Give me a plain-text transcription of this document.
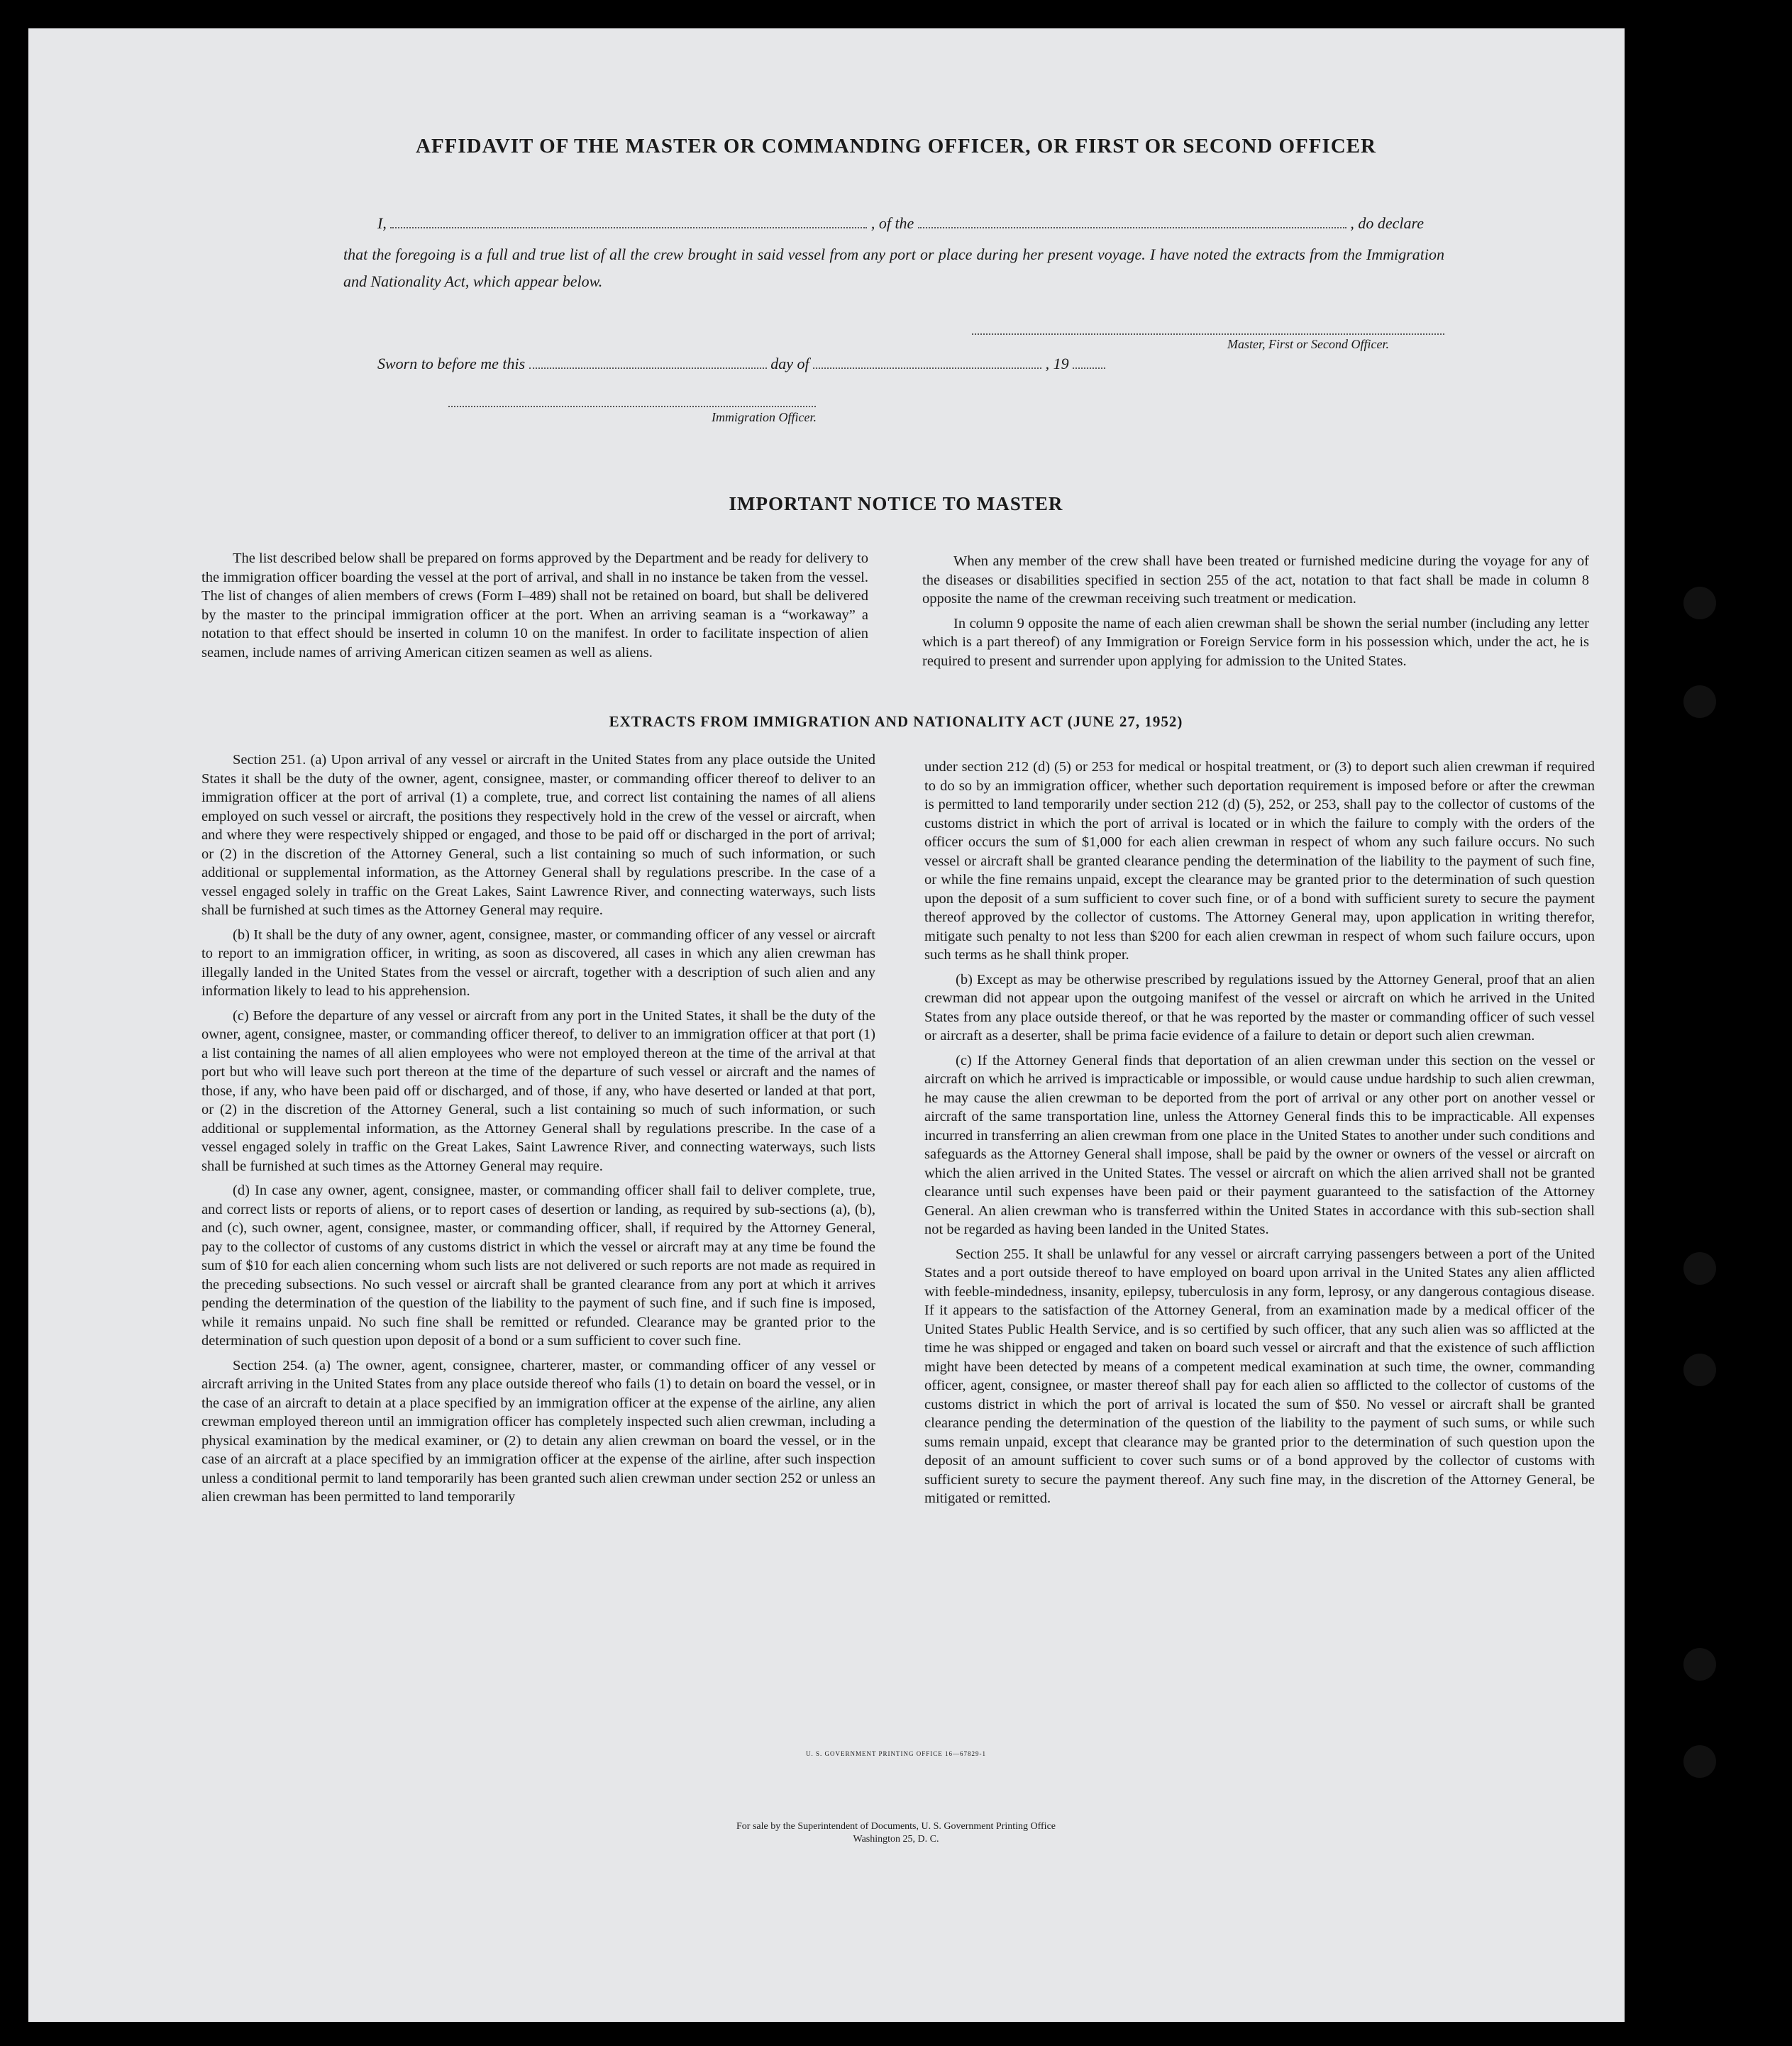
AFFIDAVIT OF THE MASTER OR COMMANDING OFFICER, OR FIRST OR SECOND OFFICER
I,	, of the	, do declare
that the foregoing is a full and true list of all the crew brought in said vessel from any port or place during her present voyage. I have noted the extracts from the Immigration and Nationality Act, which appear below.
Master, First or Second Officer.
Sworn to before me this	day of	, 19
Immigration Officer.
IMPORTANT NOTICE TO MASTER

The list described below shall be prepared on forms approved by the Department and be ready for delivery to the immigration officer boarding the vessel at the port of arrival, and shall in no instance be taken from the vessel. The list of changes of alien members of crews (Form I–489) shall not be retained on board, but shall be delivered by the master to the principal immigration officer at the port. When an arriving seaman is a “workaway” a notation to that effect should be inserted in column 10 on the manifest. In order to facilitate inspection of alien seamen, include names of arriving American citizen seamen as well as aliens.

When any member of the crew shall have been treated or furnished medicine during the voyage for any of the diseases or disabilities specified in section 255 of the act, notation to that fact shall be made in column 8 opposite the name of the crewman receiving such treatment or medication.

In column 9 opposite the name of each alien crewman shall be shown the serial number (including any letter which is a part thereof) of any Immigration or Foreign Service form in his possession which, under the act, he is required to present and surrender upon applying for admission to the United States.

EXTRACTS FROM IMMIGRATION AND NATIONALITY ACT (JUNE 27, 1952)

Section 251. (a) Upon arrival of any vessel or aircraft in the United States from any place outside the United States it shall be the duty of the owner, agent, consignee, master, or commanding officer thereof to deliver to an immigration officer at the port of arrival (1) a complete, true, and correct list containing the names of all aliens employed on such vessel or aircraft, the positions they respectively hold in the crew of the vessel or aircraft, when and where they were respectively shipped or engaged, and those to be paid off or discharged in the port of arrival; or (2) in the discretion of the Attorney General, such a list containing so much of such information, or such additional or supplemental information, as the Attorney General shall by regulations prescribe. In the case of a vessel engaged solely in traffic on the Great Lakes, Saint Lawrence River, and connecting waterways, such lists shall be furnished at such times as the Attorney General may require.

(b) It shall be the duty of any owner, agent, consignee, master, or commanding officer of any vessel or aircraft to report to an immigration officer, in writing, as soon as discovered, all cases in which any alien crewman has illegally landed in the United States from the vessel or aircraft, together with a description of such alien and any information likely to lead to his apprehension.

(c) Before the departure of any vessel or aircraft from any port in the United States, it shall be the duty of the owner, agent, consignee, master, or commanding officer thereof, to deliver to an immigration officer at that port (1) a list containing the names of all alien employees who were not employed thereon at the time of the arrival at that port but who will leave such port thereon at the time of the departure of such vessel or aircraft and the names of those, if any, who have been paid off or discharged, and of those, if any, who have deserted or landed at that port, or (2) in the discretion of the Attorney General, such a list containing so much of such information, or such additional or supplemental information, as the Attorney General shall by regulations prescribe. In the case of a vessel engaged solely in traffic on the Great Lakes, Saint Lawrence River, and connecting waterways, such lists shall be furnished at such times as the Attorney General may require.

(d) In case any owner, agent, consignee, master, or commanding officer shall fail to deliver complete, true, and correct lists or reports of aliens, or to report cases of desertion or landing, as required by sub-sections (a), (b), and (c), such owner, agent, consignee, master, or commanding officer, shall, if required by the Attorney General, pay to the collector of customs of any customs district in which the vessel or aircraft may at any time be found the sum of $10 for each alien concerning whom such lists are not delivered or such reports are not made as required in the preceding subsections. No such vessel or aircraft shall be granted clearance from any port at which it arrives pending the determination of the question of the liability to the payment of such fine, and if such fine is imposed, while it remains unpaid. No such fine shall be remitted or refunded. Clearance may be granted prior to the determination of such question upon deposit of a bond or a sum sufficient to cover such fine.

Section 254. (a) The owner, agent, consignee, charterer, master, or commanding officer of any vessel or aircraft arriving in the United States from any place outside thereof who fails (1) to detain on board the vessel, or in the case of an aircraft to detain at a place specified by an immigration officer at the expense of the airline, any alien crewman employed thereon until an immigration officer has completely inspected such alien crewman, including a physical examination by the medical examiner, or (2) to detain any alien crewman on board the vessel, or in the case of an aircraft at a place specified by an immigration officer at the expense of the airline, after such inspection unless a conditional permit to land temporarily has been granted such alien crewman under section 252 or unless an alien crewman has been permitted to land temporarily

under section 212 (d) (5) or 253 for medical or hospital treatment, or (3) to deport such alien crewman if required to do so by an immigration officer, whether such deportation requirement is imposed before or after the crewman is permitted to land temporarily under section 212 (d) (5), 252, or 253, shall pay to the collector of customs of the customs district in which the port of arrival is located or in which the failure to comply with the orders of the officer occurs the sum of $1,000 for each alien crewman in respect of whom any such failure occurs. No such vessel or aircraft shall be granted clearance pending the determination of the liability to the payment of such fine, or while the fine remains unpaid, except the clearance may be granted prior to the determination of such question upon the deposit of a sum sufficient to cover such fine, or of a bond with sufficient surety to secure the payment thereof approved by the collector of customs. The Attorney General may, upon application in writing therefor, mitigate such penalty to not less than $200 for each alien crewman in respect of whom such failure occurs, upon such terms as he shall think proper.

(b) Except as may be otherwise prescribed by regulations issued by the Attorney General, proof that an alien crewman did not appear upon the outgoing manifest of the vessel or aircraft on which he arrived in the United States from any place outside thereof, or that he was reported by the master or commanding officer of such vessel or aircraft as a deserter, shall be prima facie evidence of a failure to detain or deport such alien crewman.

(c) If the Attorney General finds that deportation of an alien crewman under this section on the vessel or aircraft on which he arrived is impracticable or impossible, or would cause undue hardship to such alien crewman, he may cause the alien crewman to be deported from the port of arrival or any other port on another vessel or aircraft of the same transportation line, unless the Attorney General finds this to be impracticable. All expenses incurred in transferring an alien crewman from one place in the United States to another under such conditions and safeguards as the Attorney General shall impose, shall be paid by the owner or owners of the vessel or aircraft on which the alien arrived in the United States. The vessel or aircraft on which the alien arrived shall not be granted clearance until such expenses have been paid or their payment guaranteed to the satisfaction of the Attorney General. An alien crewman who is transferred within the United States in accordance with this sub-section shall not be regarded as having been landed in the United States.

Section 255. It shall be unlawful for any vessel or aircraft carrying passengers between a port of the United States and a port outside thereof to have employed on board upon arrival in the United States any alien afflicted with feeble-mindedness, insanity, epilepsy, tuberculosis in any form, leprosy, or any dangerous contagious disease. If it appears to the satisfaction of the Attorney General, from an examination made by a medical officer of the United States Public Health Service, and is so certified by such officer, that any such alien was so afflicted at the time he was shipped or engaged and taken on board such vessel or aircraft and that the existence of such affliction might have been detected by means of a competent medical examination at such time, the owner, commanding officer, agent, consignee, or master thereof shall pay for each alien so afflicted to the collector of customs of the customs district in which the port of arrival is located the sum of $50. No vessel or aircraft shall be granted clearance pending the determination of the question of the liability to the payment of such sums, or while such sums remain unpaid, except that clearance may be granted prior to the determination of such question upon the deposit of an amount sufficient to cover such sums or of a bond approved by the collector of customs with sufficient surety to secure the payment thereof. Any such fine may, in the discretion of the Attorney General, be mitigated or remitted.

U. S. GOVERNMENT PRINTING OFFICE 16—67829-1
For sale by the Superintendent of Documents, U. S. Government Printing Office
Washington 25, D. C.
